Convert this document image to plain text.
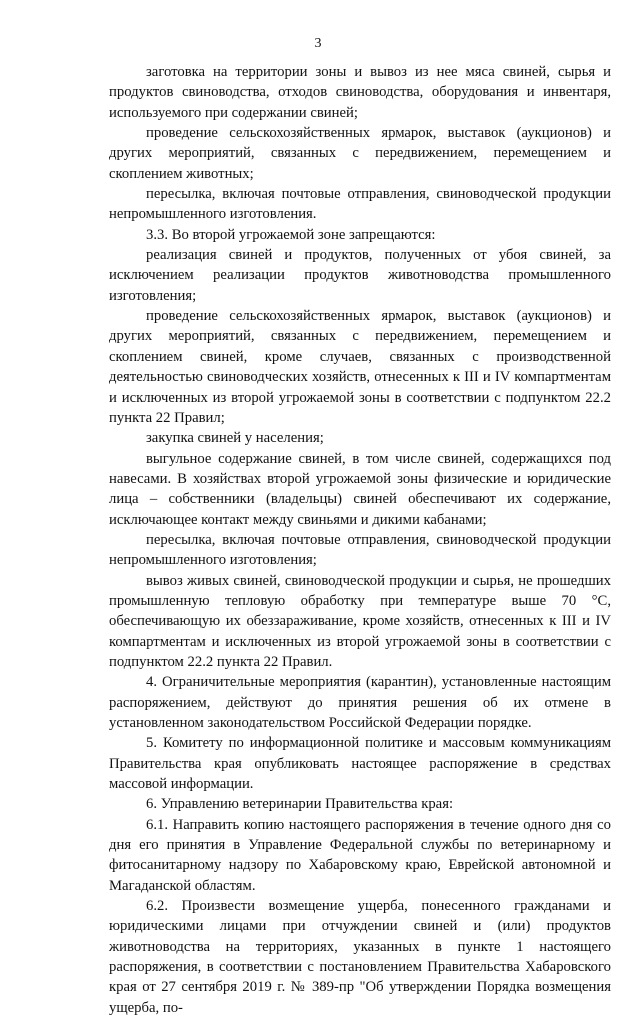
3

заготовка на территории зоны и вывоз из нее мяса свиней, сырья и продуктов свиноводства, отходов свиноводства, оборудования и инвентаря, используемого при содержании свиней;

проведение сельскохозяйственных ярмарок, выставок (аукционов) и других мероприятий, связанных с передвижением, перемещением и скоплением животных;

пересылка, включая почтовые отправления, свиноводческой продукции непромышленного изготовления.

3.3. Во второй угрожаемой зоне запрещаются:

реализация свиней и продуктов, полученных от убоя свиней, за исключением реализации продуктов животноводства промышленного изготовления;

проведение сельскохозяйственных ярмарок, выставок (аукционов) и других мероприятий, связанных с передвижением, перемещением и скоплением свиней, кроме случаев, связанных с производственной деятельностью свиноводческих хозяйств, отнесенных к III и IV компартментам и исключенных из второй угрожаемой зоны в соответствии с подпунктом 22.2 пункта 22 Правил;

закупка свиней у населения;

выгульное содержание свиней, в том числе свиней, содержащихся под навесами. В хозяйствах второй угрожаемой зоны физические и юридические лица – собственники (владельцы) свиней обеспечивают их содержание, исключающее контакт между свиньями и дикими кабанами;

пересылка, включая почтовые отправления, свиноводческой продукции непромышленного изготовления;

вывоз живых свиней, свиноводческой продукции и сырья, не прошедших промышленную тепловую обработку при температуре выше 70 °С, обеспечивающую их обеззараживание, кроме хозяйств, отнесенных к III и IV компартментам и исключенных из второй угрожаемой зоны в соответствии с подпунктом 22.2 пункта 22 Правил.

4. Ограничительные мероприятия (карантин), установленные настоящим распоряжением, действуют до принятия решения об их отмене в установленном законодательством Российской Федерации порядке.

5. Комитету по информационной политике и массовым коммуникациям Правительства края опубликовать настоящее распоряжение в средствах массовой информации.

6. Управлению ветеринарии Правительства края:

6.1. Направить копию настоящего распоряжения в течение одного дня со дня его принятия в Управление Федеральной службы по ветеринарному и фитосанитарному надзору по Хабаровскому краю, Еврейской автономной и Магаданской областям.

6.2. Произвести возмещение ущерба, понесенного гражданами и юридическими лицами при отчуждении свиней и (или) продуктов животноводства на территориях, указанных в пункте 1 настоящего распоряжения, в соответствии с постановлением Правительства Хабаровского края от 27 сентября 2019 г. № 389-пр "Об утверждении Порядка возмещения ущерба, по-
